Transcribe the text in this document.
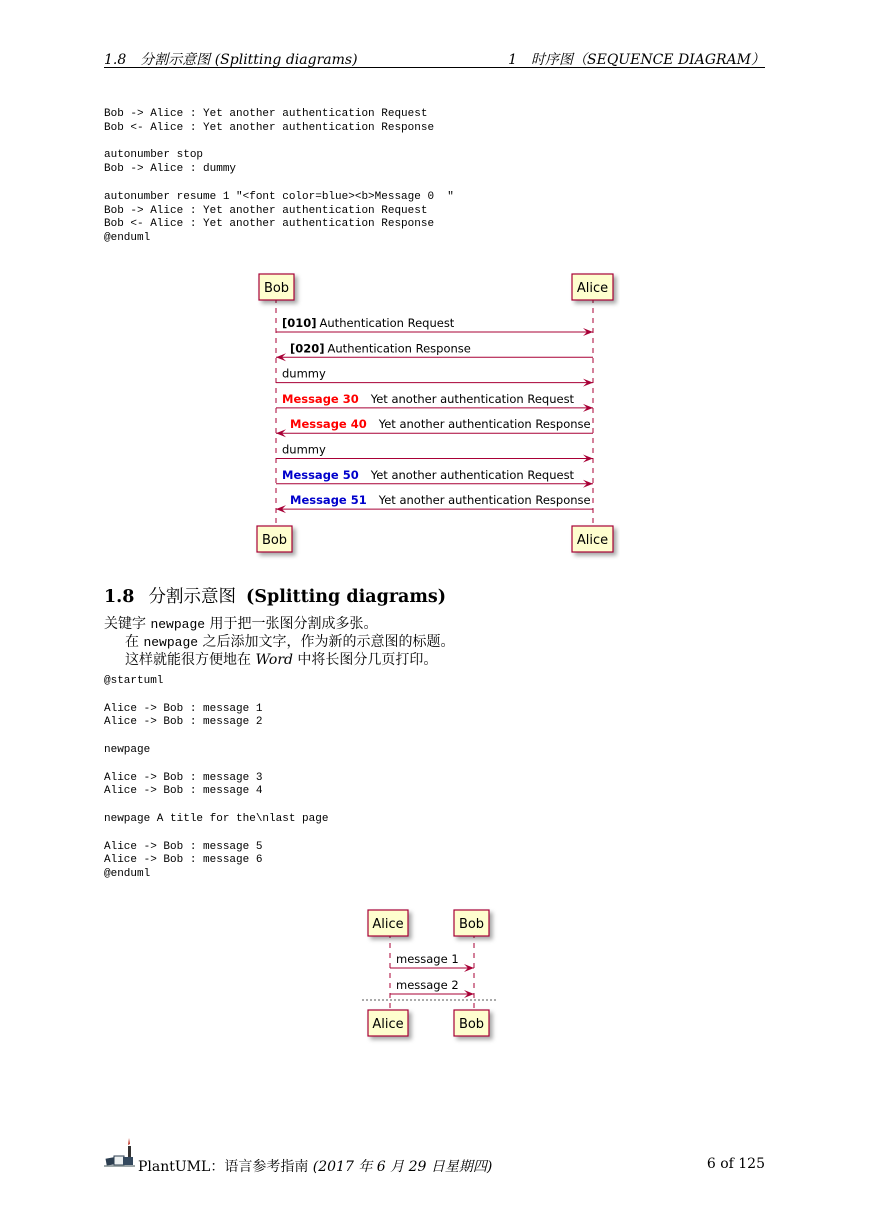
1.8　分割示意图 (Splitting diagrams)	1　时序图（SEQUENCE DIAGRAM）
Bob -> Alice : Yet another authentication Request
Bob <- Alice : Yet another authentication Response

autonumber stop
Bob -> Alice : dummy

autonumber resume 1 "<font color=blue><b>Message 0  "
Bob -> Alice : Yet another authentication Request
Bob <- Alice : Yet another authentication Response
@enduml
Bob	Alice
[010] Authentication Request
[020] Authentication Response
dummy
Message 30 Yet another authentication Request
Message 40 Yet another authentication Response
dummy
Message 50 Yet another authentication Request
Message 51 Yet another authentication Response
Bob	Alice
1.8 分割示意图 (Splitting diagrams)
关键字 newpage 用于把一张图分割成多张。
在 newpage 之后添加文字，作为新的示意图的标题。
这样就能很方便地在 Word 中将长图分几页打印。
@startuml

Alice -> Bob : message 1
Alice -> Bob : message 2

newpage

Alice -> Bob : message 3
Alice -> Bob : message 4

newpage A title for the\nlast page

Alice -> Bob : message 5
Alice -> Bob : message 6
@enduml
Alice	Bob
message 1
message 2
Alice	Bob
PlantUML：语言参考指南 (2017 年 6 月 29 日星期四)	6 of 125
